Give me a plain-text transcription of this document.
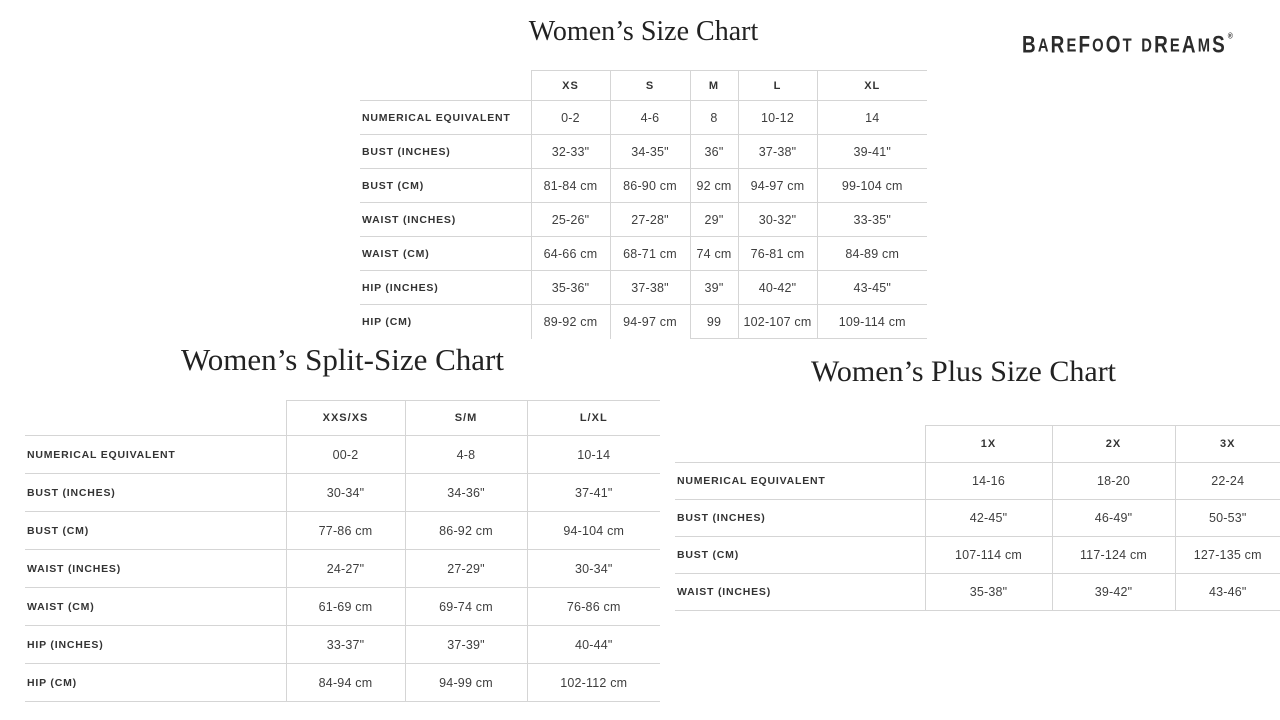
BAREFOOT DREAMS®
Women’s Size Chart
	XS	S	M	L	XL
NUMERICAL EQUIVALENT	0-2	4-6	8	10-12	14
BUST (INCHES)	32-33"	34-35"	36"	37-38"	39-41"
BUST (CM)	81-84 cm	86-90 cm	92 cm	94-97 cm	99-104 cm
WAIST (INCHES)	25-26"	27-28"	29"	30-32"	33-35"
WAIST (CM)	64-66 cm	68-71 cm	74 cm	76-81 cm	84-89 cm
HIP (INCHES)	35-36"	37-38"	39"	40-42"	43-45"
HIP (CM)	89-92 cm	94-97 cm	99	102-107 cm	109-114 cm
Women’s Split-Size Chart
	XXS/XS	S/M	L/XL
NUMERICAL EQUIVALENT	00-2	4-8	10-14
BUST (INCHES)	30-34"	34-36"	37-41"
BUST (CM)	77-86 cm	86-92 cm	94-104 cm
WAIST (INCHES)	24-27"	27-29"	30-34"
WAIST (CM)	61-69 cm	69-74 cm	76-86 cm
HIP (INCHES)	33-37"	37-39"	40-44"
HIP (CM)	84-94 cm	94-99 cm	102-112 cm
Women’s Plus Size Chart
	1X	2X	3X
NUMERICAL EQUIVALENT	14-16	18-20	22-24
BUST (INCHES)	42-45"	46-49"	50-53"
BUST (CM)	107-114 cm	117-124 cm	127-135 cm
WAIST (INCHES)	35-38"	39-42"	43-46"
